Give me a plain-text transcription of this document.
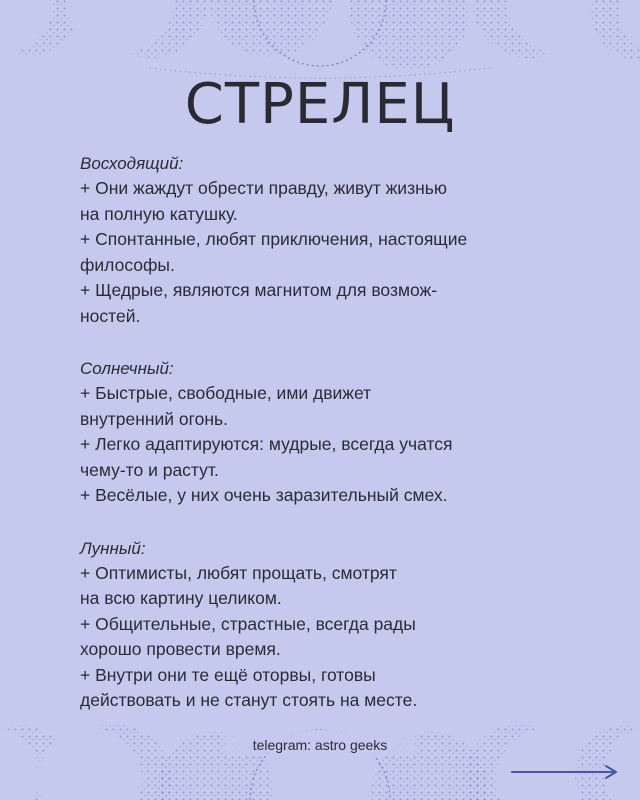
СТРЕЛЕЦ

Восходящий:

+ Они жаждут обрести правду, живут жизнью

на полную катушку.

+ Спонтанные, любят приключения, настоящие

философы.

+ Щедрые, являются магнитом для возмож-

ностей.

Солнечный:

+ Быстрые, свободные, ими движет

внутренний огонь.

+ Легко адаптируются: мудрые, всегда учатся

чему-то и растут.

+ Весёлые, у них очень заразительный смех.

Лунный:

+ Оптимисты, любят прощать, смотрят

на всю картину целиком.

+ Общительные, страстные, всегда рады

хорошо провести время.

+ Внутри они те ещё оторвы, готовы

действовать и не станут стоять на месте.

telegram: astro geeks
